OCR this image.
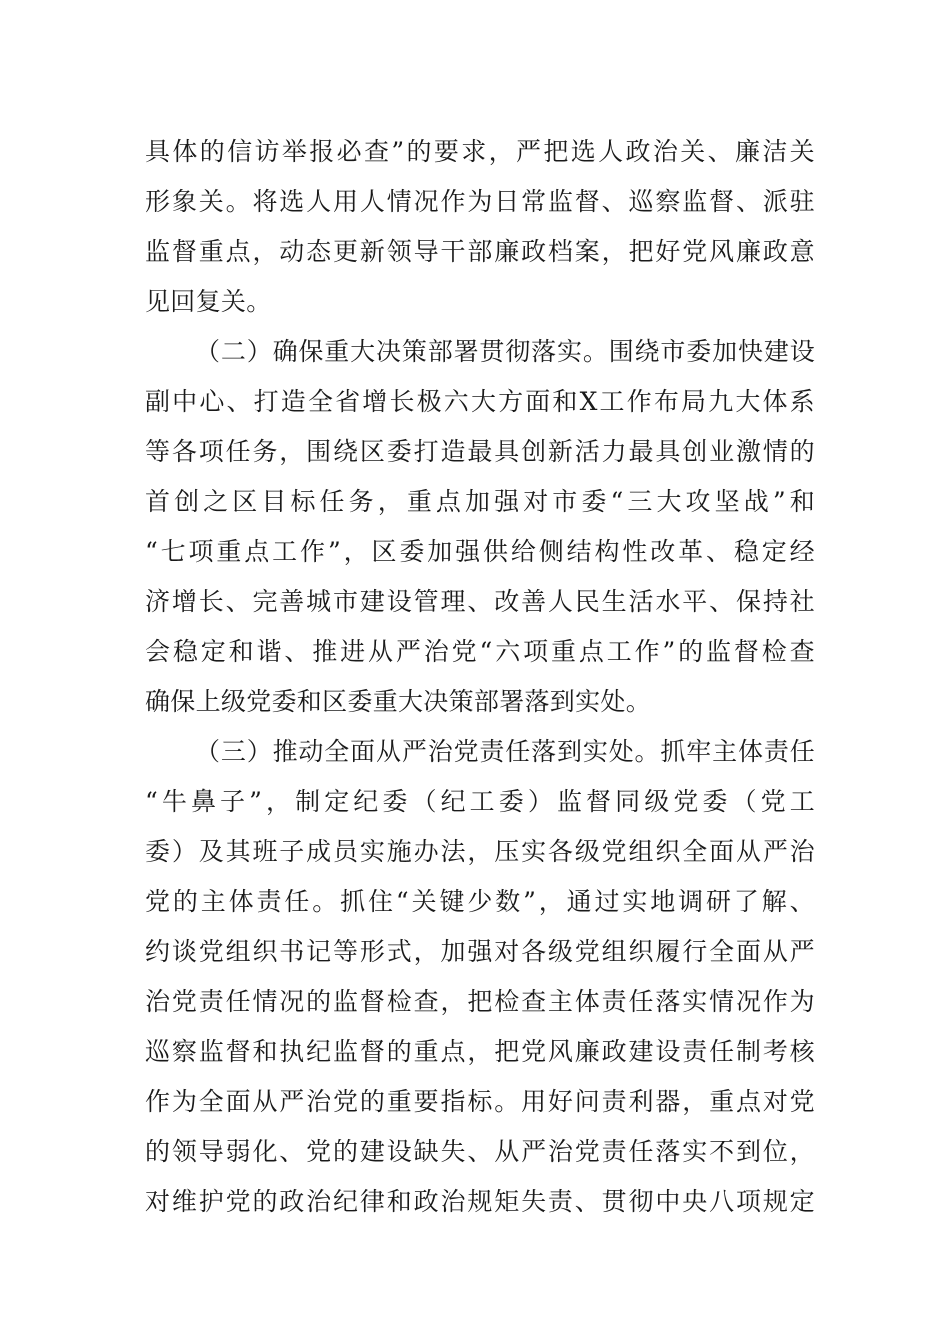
具体的信访举报必查”的要求，严把选人政治关、廉洁关
形象关。将选人用人情况作为日常监督、巡察监督、派驻
监督重点，动态更新领导干部廉政档案，把好党风廉政意
见回复关。
（二）确保重大决策部署贯彻落实。围绕市委加快建设
副中心、打造全省增长极六大方面和X工作布局九大体系
等各项任务，围绕区委打造最具创新活力最具创业激情的
首创之区目标任务，重点加强对市委“三大攻坚战”和
“七项重点工作”，区委加强供给侧结构性改革、稳定经
济增长、完善城市建设管理、改善人民生活水平、保持社
会稳定和谐、推进从严治党“六项重点工作”的监督检查
确保上级党委和区委重大决策部署落到实处。
（三）推动全面从严治党责任落到实处。抓牢主体责任
“牛鼻子”，制定纪委（纪工委）监督同级党委（党工
委）及其班子成员实施办法，压实各级党组织全面从严治
党的主体责任。抓住“关键少数”，通过实地调研了解、
约谈党组织书记等形式，加强对各级党组织履行全面从严
治党责任情况的监督检查，把检查主体责任落实情况作为
巡察监督和执纪监督的重点，把党风廉政建设责任制考核
作为全面从严治党的重要指标。用好问责利器，重点对党
的领导弱化、党的建设缺失、从严治党责任落实不到位，
对维护党的政治纪律和政治规矩失责、贯彻中央八项规定
